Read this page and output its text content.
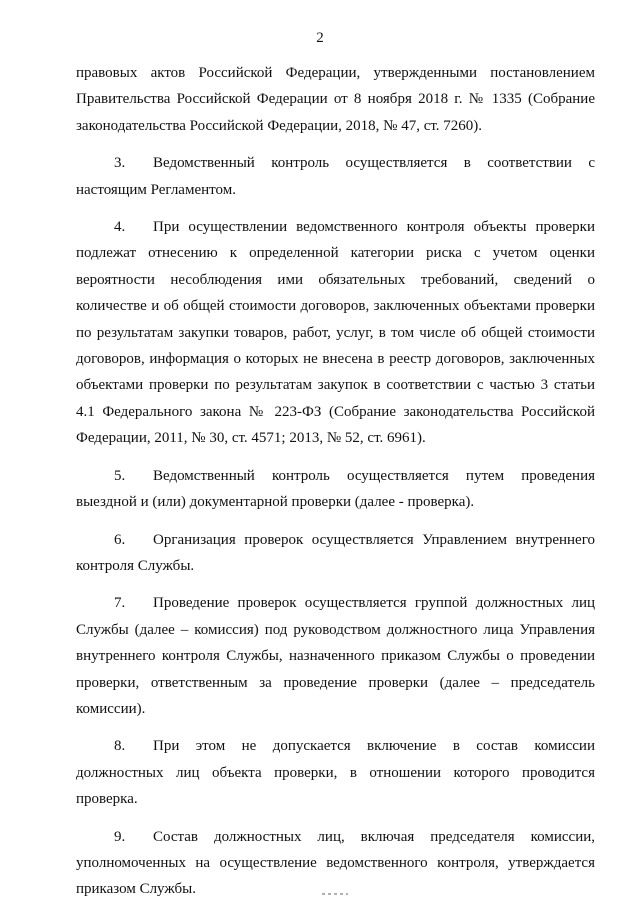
2

правовых актов Российской Федерации, утвержденными постановлением Правительства Российской Федерации от 8 ноября 2018 г. № 1335 (Собрание законодательства Российской Федерации, 2018, № 47, ст. 7260).

3. Ведомственный контроль осуществляется в соответствии с настоящим Регламентом.

4. При осуществлении ведомственного контроля объекты проверки подлежат отнесению к определенной категории риска с учетом оценки вероятности несоблюдения ими обязательных требований, сведений о количестве и об общей стоимости договоров, заключенных объектами проверки по результатам закупки товаров, работ, услуг, в том числе об общей стоимости договоров, информация о которых не внесена в реестр договоров, заключенных объектами проверки по результатам закупок в соответствии с частью 3 статьи 4.1 Федерального закона № 223-ФЗ (Собрание законодательства Российской Федерации, 2011, № 30, ст. 4571; 2013, № 52, ст. 6961).

5. Ведомственный контроль осуществляется путем проведения выездной и (или) документарной проверки (далее - проверка).

6. Организация проверок осуществляется Управлением внутреннего контроля Службы.

7. Проведение проверок осуществляется группой должностных лиц Службы (далее – комиссия) под руководством должностного лица Управления внутреннего контроля Службы, назначенного приказом Службы о проведении проверки, ответственным за проведение проверки (далее – председатель комиссии).

8. При этом не допускается включение в состав комиссии должностных лиц объекта проверки, в отношении которого проводится проверка.

9. Состав должностных лиц, включая председателя комиссии, уполномоченных на осуществление ведомственного контроля, утверждается приказом Службы.
